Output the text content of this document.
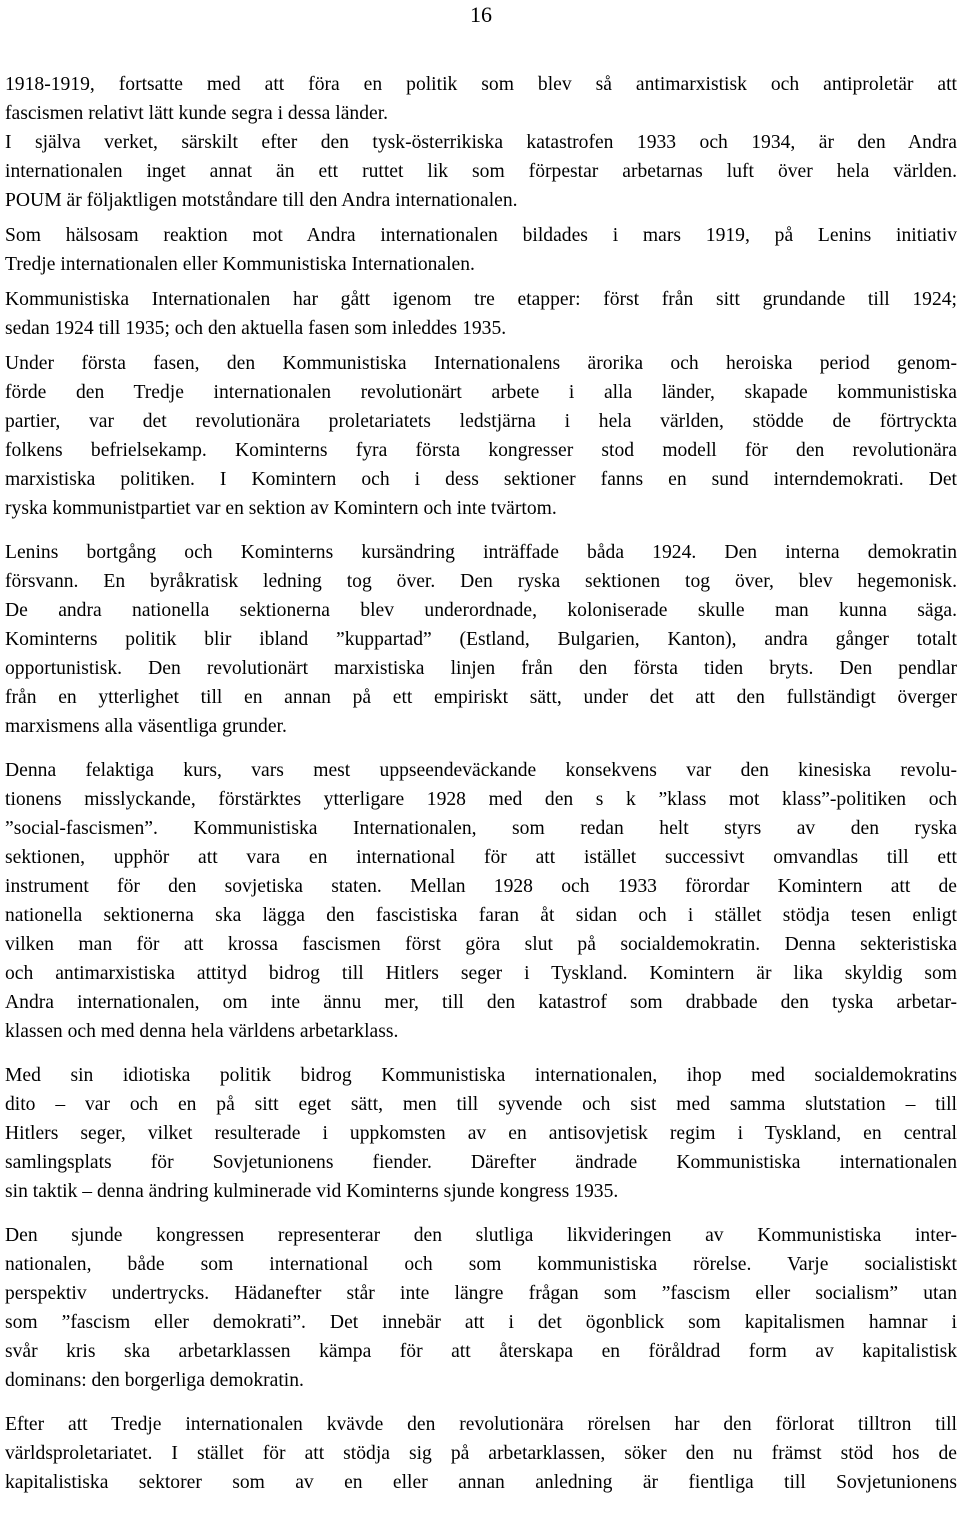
16
1918-1919, fortsatte med att föra en politik som blev så antimarxistisk och antiproletär att
fascismen relativt lätt kunde segra i dessa länder.
I själva verket, särskilt efter den tysk-österrikiska katastrofen 1933 och 1934, är den Andra
internationalen inget annat än ett ruttet lik som förpestar arbetarnas luft över hela världen.
POUM är följaktligen motståndare till den Andra internationalen.
Som hälsosam reaktion mot Andra internationalen bildades i mars 1919, på Lenins initiativ
Tredje internationalen eller Kommunistiska Internationalen.
Kommunistiska Internationalen har gått igenom tre etapper: först från sitt grundande till 1924;
sedan 1924 till 1935; och den aktuella fasen som inleddes 1935.
Under första fasen, den Kommunistiska Internationalens ärorika och heroiska period genom-
förde den Tredje internationalen revolutionärt arbete i alla länder, skapade kommunistiska
partier, var det revolutionära proletariatets ledstjärna i hela världen, stödde de förtryckta
folkens befrielsekamp. Kominterns fyra första kongresser stod modell för den revolutionära
marxistiska politiken. I Komintern och i dess sektioner fanns en sund interndemokrati. Det
ryska kommunistpartiet var en sektion av Komintern och inte tvärtom.
Lenins bortgång och Kominterns kursändring inträffade båda 1924. Den interna demokratin
försvann. En byråkratisk ledning tog över. Den ryska sektionen tog över, blev hegemonisk.
De andra nationella sektionerna blev underordnade, koloniserade skulle man kunna säga.
Kominterns politik blir ibland ”kuppartad” (Estland, Bulgarien, Kanton), andra gånger totalt
opportunistisk. Den revolutionärt marxistiska linjen från den första tiden bryts. Den pendlar
från en ytterlighet till en annan på ett empiriskt sätt, under det att den fullständigt överger
marxismens alla väsentliga grunder.
Denna felaktiga kurs, vars mest uppseendeväckande konsekvens var den kinesiska revolu-
tionens misslyckande, förstärktes ytterligare 1928 med den s k ”klass mot klass”-politiken och
”social-fascismen”. Kommunistiska Internationalen, som redan helt styrs av den ryska
sektionen, upphör att vara en international för att istället successivt omvandlas till ett
instrument för den sovjetiska staten. Mellan 1928 och 1933 förordar Komintern att de
nationella sektionerna ska lägga den fascistiska faran åt sidan och i stället stödja tesen enligt
vilken man för att krossa fascismen först göra slut på socialdemokratin. Denna sekteristiska
och antimarxistiska attityd bidrog till Hitlers seger i Tyskland. Komintern är lika skyldig som
Andra internationalen, om inte ännu mer, till den katastrof som drabbade den tyska arbetar-
klassen och med denna hela världens arbetarklass.
Med sin idiotiska politik bidrog Kommunistiska internationalen, ihop med socialdemokratins
dito – var och en på sitt eget sätt, men till syvende och sist med samma slutstation – till
Hitlers seger, vilket resulterade i uppkomsten av en antisovjetisk regim i Tyskland, en central
samlingsplats för Sovjetunionens fiender. Därefter ändrade Kommunistiska internationalen
sin taktik – denna ändring kulminerade vid Kominterns sjunde kongress 1935.
Den sjunde kongressen representerar den slutliga likvideringen av Kommunistiska inter-
nationalen, både som international och som kommunistiska rörelse. Varje socialistiskt
perspektiv undertrycks. Hädanefter står inte längre frågan som ”fascism eller socialism” utan
som ”fascism eller demokrati”. Det innebär att i det ögonblick som kapitalismen hamnar i
svår kris ska arbetarklassen kämpa för att återskapa en föråldrad form av kapitalistisk
dominans: den borgerliga demokratin.
Efter att Tredje internationalen kvävde den revolutionära rörelsen har den förlorat tilltron till
världsproletariatet. I stället för att stödja sig på arbetarklassen, söker den nu främst stöd hos de
kapitalistiska sektorer som av en eller annan anledning är fientliga till Sovjetunionens
